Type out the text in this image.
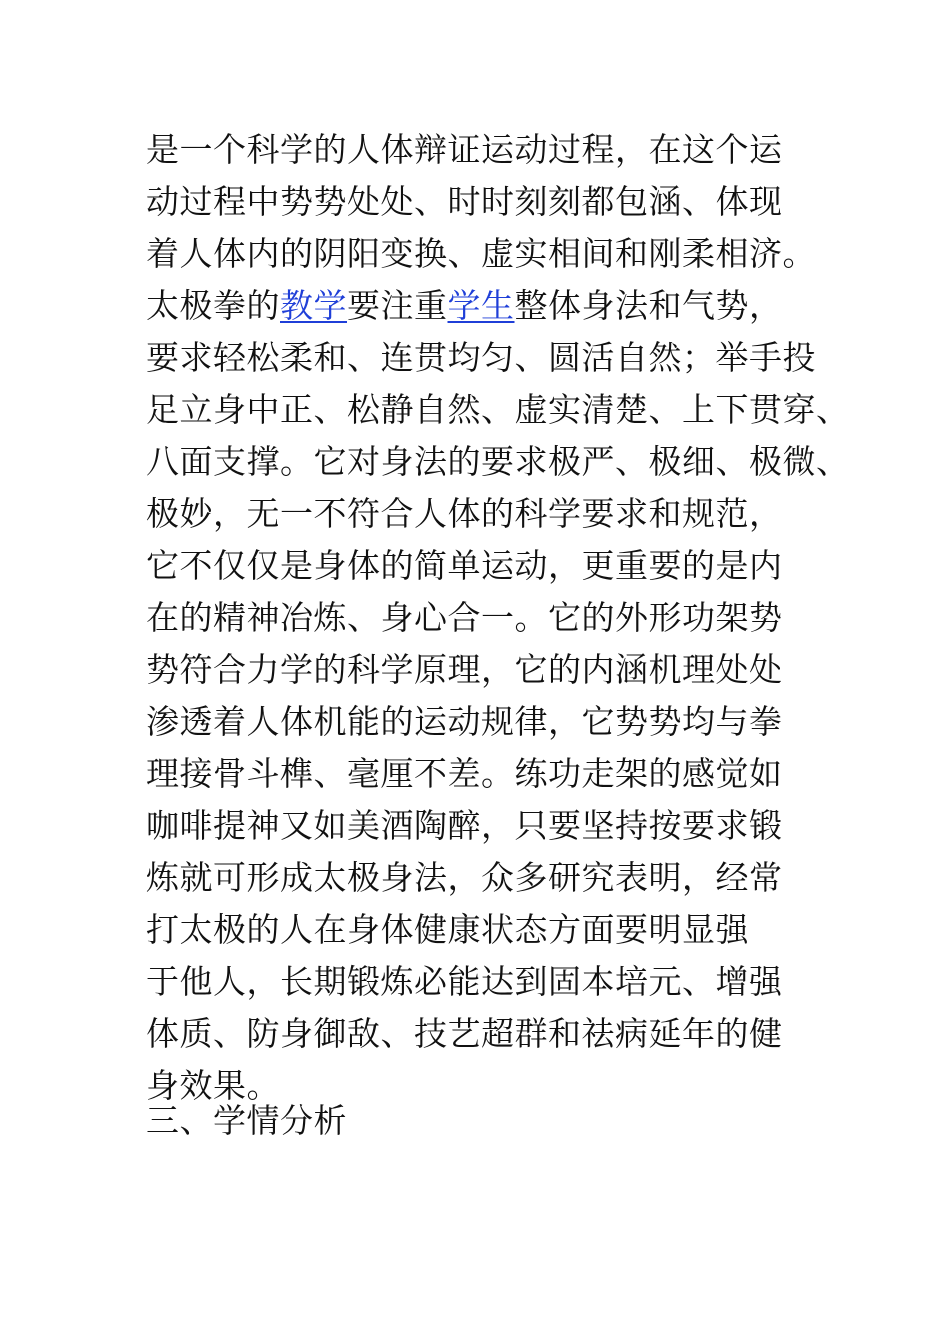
是一个科学的人体辩证运动过程，在这个运
动过程中势势处处、时时刻刻都包涵、体现
着人体内的阴阳变换、虚实相间和刚柔相济。
太极拳的教学要注重学生整体身法和气势，
要求轻松柔和、连贯均匀、圆活自然；举手投
足立身中正、松静自然、虚实清楚、上下贯穿、
八面支撑。它对身法的要求极严、极细、极微、
极妙，无一不符合人体的科学要求和规范，
它不仅仅是身体的简单运动，更重要的是内
在的精神冶炼、身心合一。它的外形功架势
势符合力学的科学原理，它的内涵机理处处
渗透着人体机能的运动规律，它势势均与拳
理接骨斗榫、毫厘不差。练功走架的感觉如
咖啡提神又如美酒陶醉，只要坚持按要求锻
炼就可形成太极身法，众多研究表明，经常
打太极的人在身体健康状态方面要明显强
于他人，长期锻炼必能达到固本培元、增强
体质、防身御敌、技艺超群和祛病延年的健
身效果。
三、学情分析
